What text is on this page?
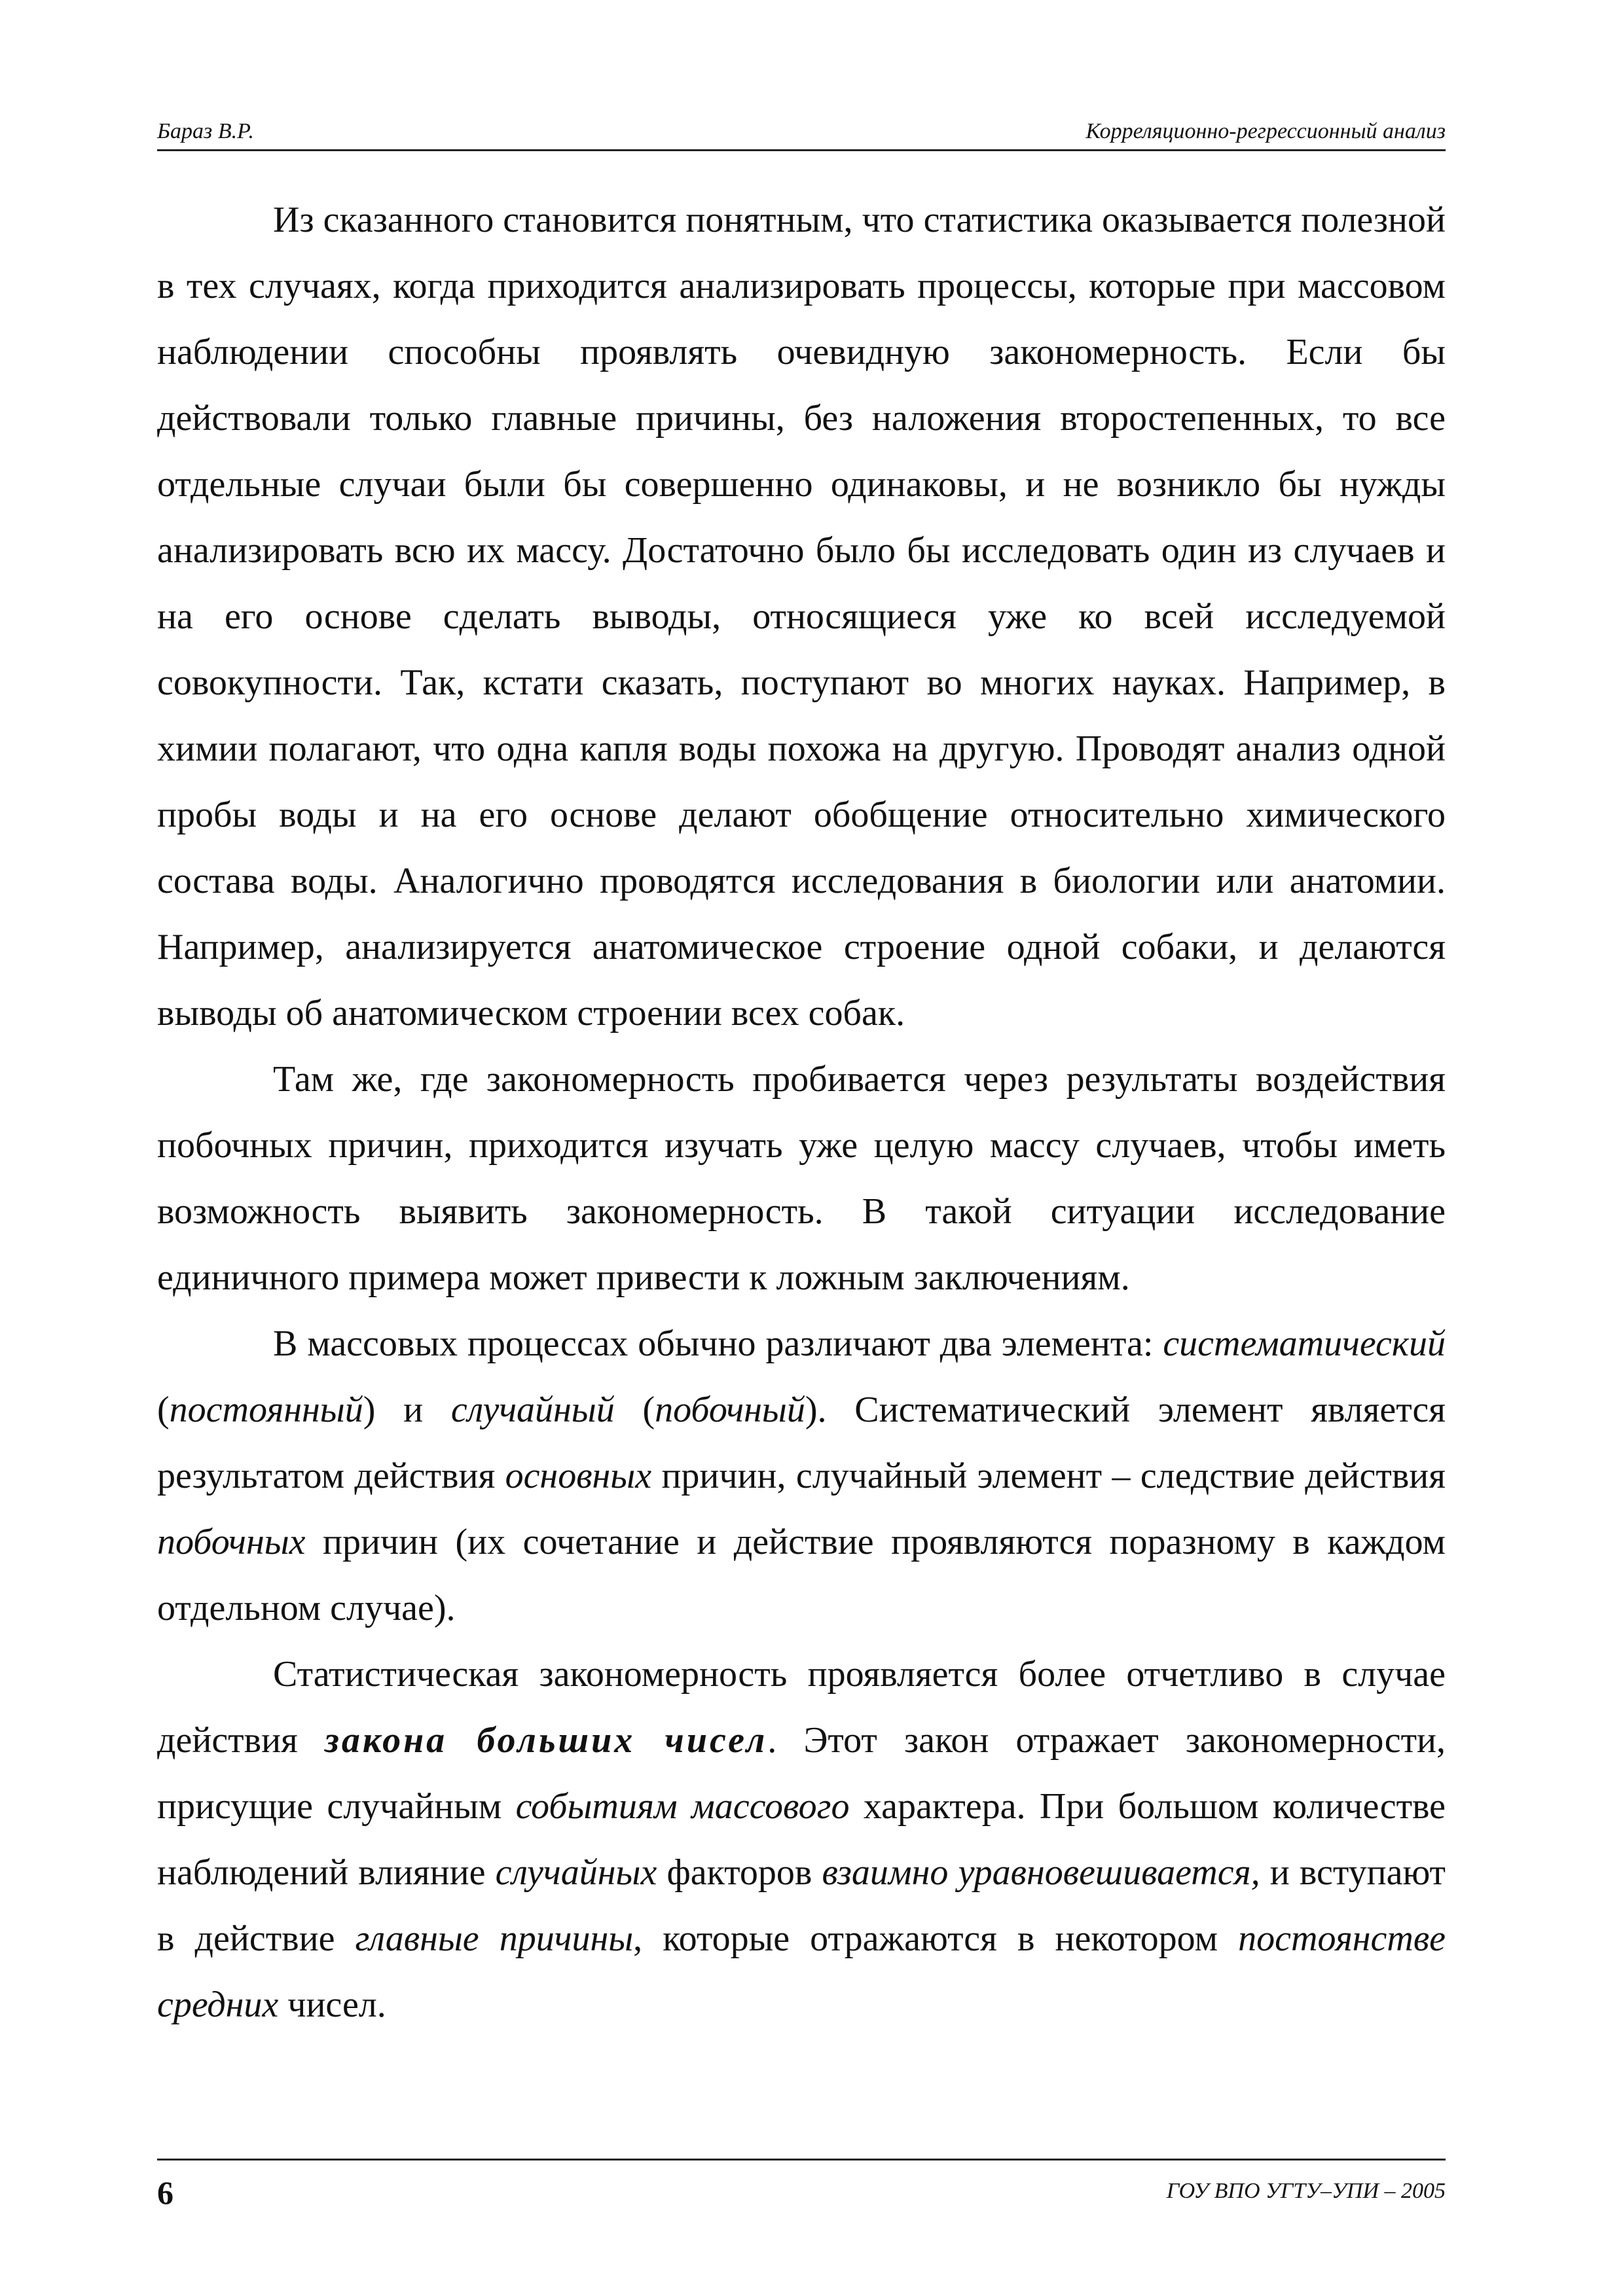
Бараз В.Р.	Корреляционно-регрессионный анализ

Из сказанного становится понятным, что статистика оказывается полезной в тех случаях, когда приходится анализировать процессы, которые при массовом наблюдении способны проявлять очевидную закономерность. Если бы действовали только главные причины, без наложения второстепенных, то все отдельные случаи были бы совершенно одинаковы, и не возникло бы нужды анализировать всю их массу. Достаточно было бы исследовать один из случаев и на его основе сделать выводы, относящиеся уже ко всей исследуемой совокупности. Так, кстати сказать, поступают во многих науках. Например, в химии полагают, что одна капля воды похожа на другую. Проводят анализ одной пробы воды и на его основе делают обобщение относительно химического состава воды. Аналогично проводятся исследования в биологии или анатомии. Например, анализируется анатомическое строение одной собаки, и делаются выводы об анатомическом строении всех собак.

Там же, где закономерность пробивается через результаты воздействия побочных причин, приходится изучать уже целую массу случаев, чтобы иметь возможность выявить закономерность. В такой ситуации исследование единичного примера может привести к ложным заключениям.

В массовых процессах обычно различают два элемента: систематический (постоянный) и случайный (побочный). Систематический элемент является результатом действия основных причин, случайный элемент – следствие действия побочных причин (их сочетание и действие проявляются поразному в каждом отдельном случае).

Статистическая закономерность проявляется более отчетливо в случае действия закона больших чисел. Этот закон отражает закономерности, присущие случайным событиям массового характера. При большом количестве наблюдений влияние случайных факторов взаимно уравновешивается, и вступают в действие главные причины, которые отражаются в некотором постоянстве средних чисел.

6	ГОУ ВПО УГТУ–УПИ – 2005
